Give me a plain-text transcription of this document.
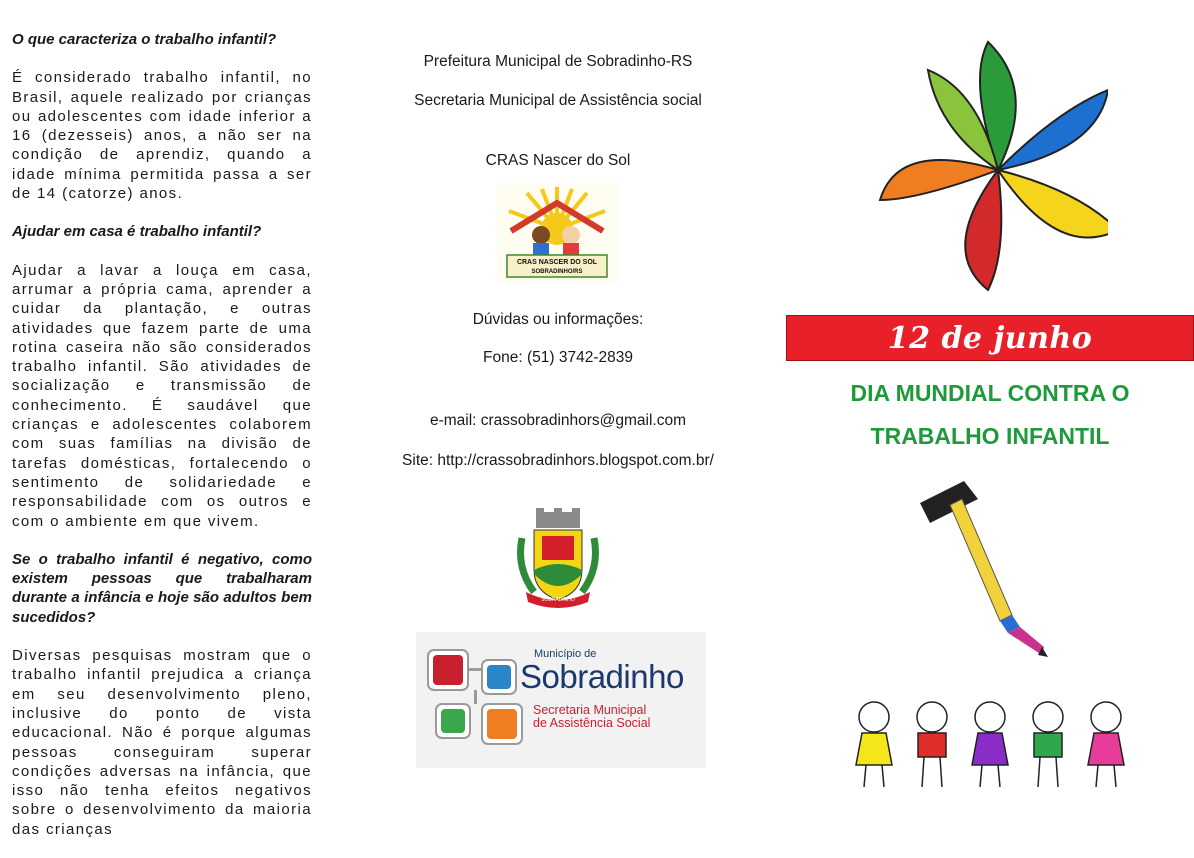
O que caracteriza o trabalho infantil?

É considerado trabalho infantil, no Brasil, aquele realizado por crianças ou adolescentes com idade inferior a 16 (dezesseis) anos, a não ser na condição de aprendiz, quando a idade mínima permitida passa a ser de 14 (catorze) anos.

Ajudar em casa é trabalho infantil?

Ajudar a lavar a louça em casa, arrumar a própria cama, aprender a cuidar da plantação, e outras atividades que fazem parte de uma rotina caseira não são considerados trabalho infantil. São atividades de socialização e transmissão de conhecimento. É saudável que crianças e adolescentes colaborem com suas famílias na divisão de tarefas domésticas, fortalecendo o sentimento de solidariedade e responsabilidade com os outros e com o ambiente em que vivem.

Se o trabalho infantil é negativo, como existem pessoas que trabalharam durante a infância e hoje são adultos bem sucedidos?

Diversas pesquisas mostram que o trabalho infantil prejudica a criança em seu desenvolvimento pleno, inclusive do ponto de vista educacional. Não é porque algumas pessoas conseguiram superar condições adversas na infância, que isso não tenha efeitos negativos sobre o desenvolvimento da maioria das crianças

Prefeitura Municipal de Sobradinho-RS
Secretaria Municipal de Assistência social
CRAS Nascer do Sol
CRAS NASCER DO SOL
SOBRADINHO/RS
Dúvidas ou informações:
Fone: (51) 3742-2839
e-mail: crassobradinhors@gmail.com
Site: http://crassobradinhors.blogspot.com.br/
SOBRADINHO
Município de
Sobradinho
Secretaria Municipal
de Assistência Social
12 de junho
DIA MUNDIAL CONTRA O
TRABALHO INFANTIL
